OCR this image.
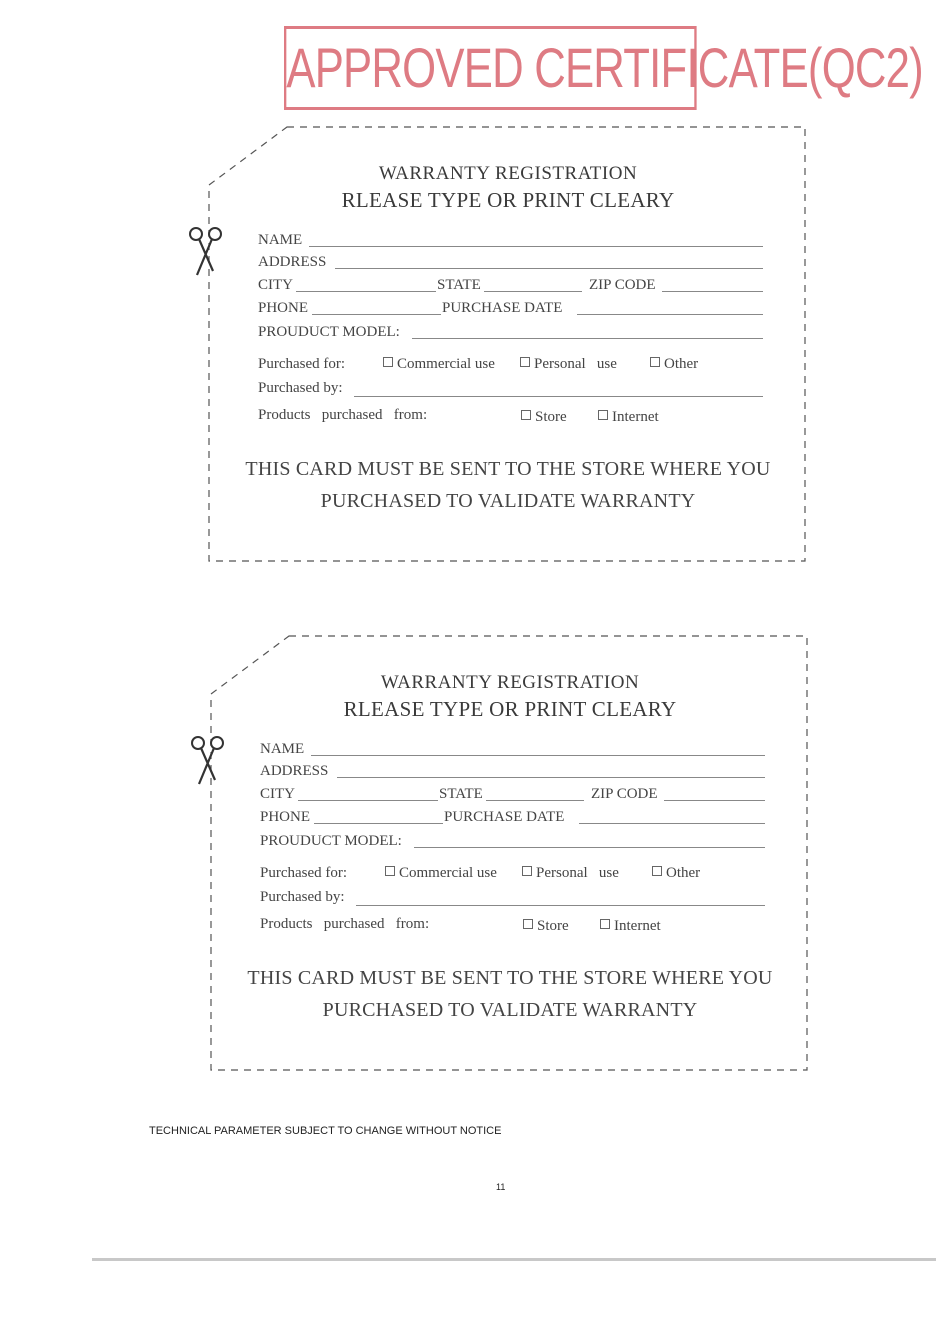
APPROVED CERTIFICATE(QC2)
WARRANTY REGISTRATION
RLEASE TYPE OR PRINT CLEARY
NAME
ADDRESS
CITY	STATE	ZIP CODE
PHONE	PURCHASE DATE
PROUDUCT MODEL:
Purchased for:	Commercial use	Personal   use	Other
Purchased by:
Products   purchased   from:	Store	Internet
THIS CARD MUST BE SENT TO THE STORE WHERE YOU
PURCHASED TO VALIDATE WARRANTY
WARRANTY REGISTRATION
RLEASE TYPE OR PRINT CLEARY
NAME
ADDRESS
CITY	STATE	ZIP CODE
PHONE	PURCHASE DATE
PROUDUCT MODEL:
Purchased for:	Commercial use	Personal   use	Other
Purchased by:
Products   purchased   from:	Store	Internet
THIS CARD MUST BE SENT TO THE STORE WHERE YOU
PURCHASED TO VALIDATE WARRANTY
TECHNICAL PARAMETER SUBJECT TO CHANGE WITHOUT NOTICE
11
